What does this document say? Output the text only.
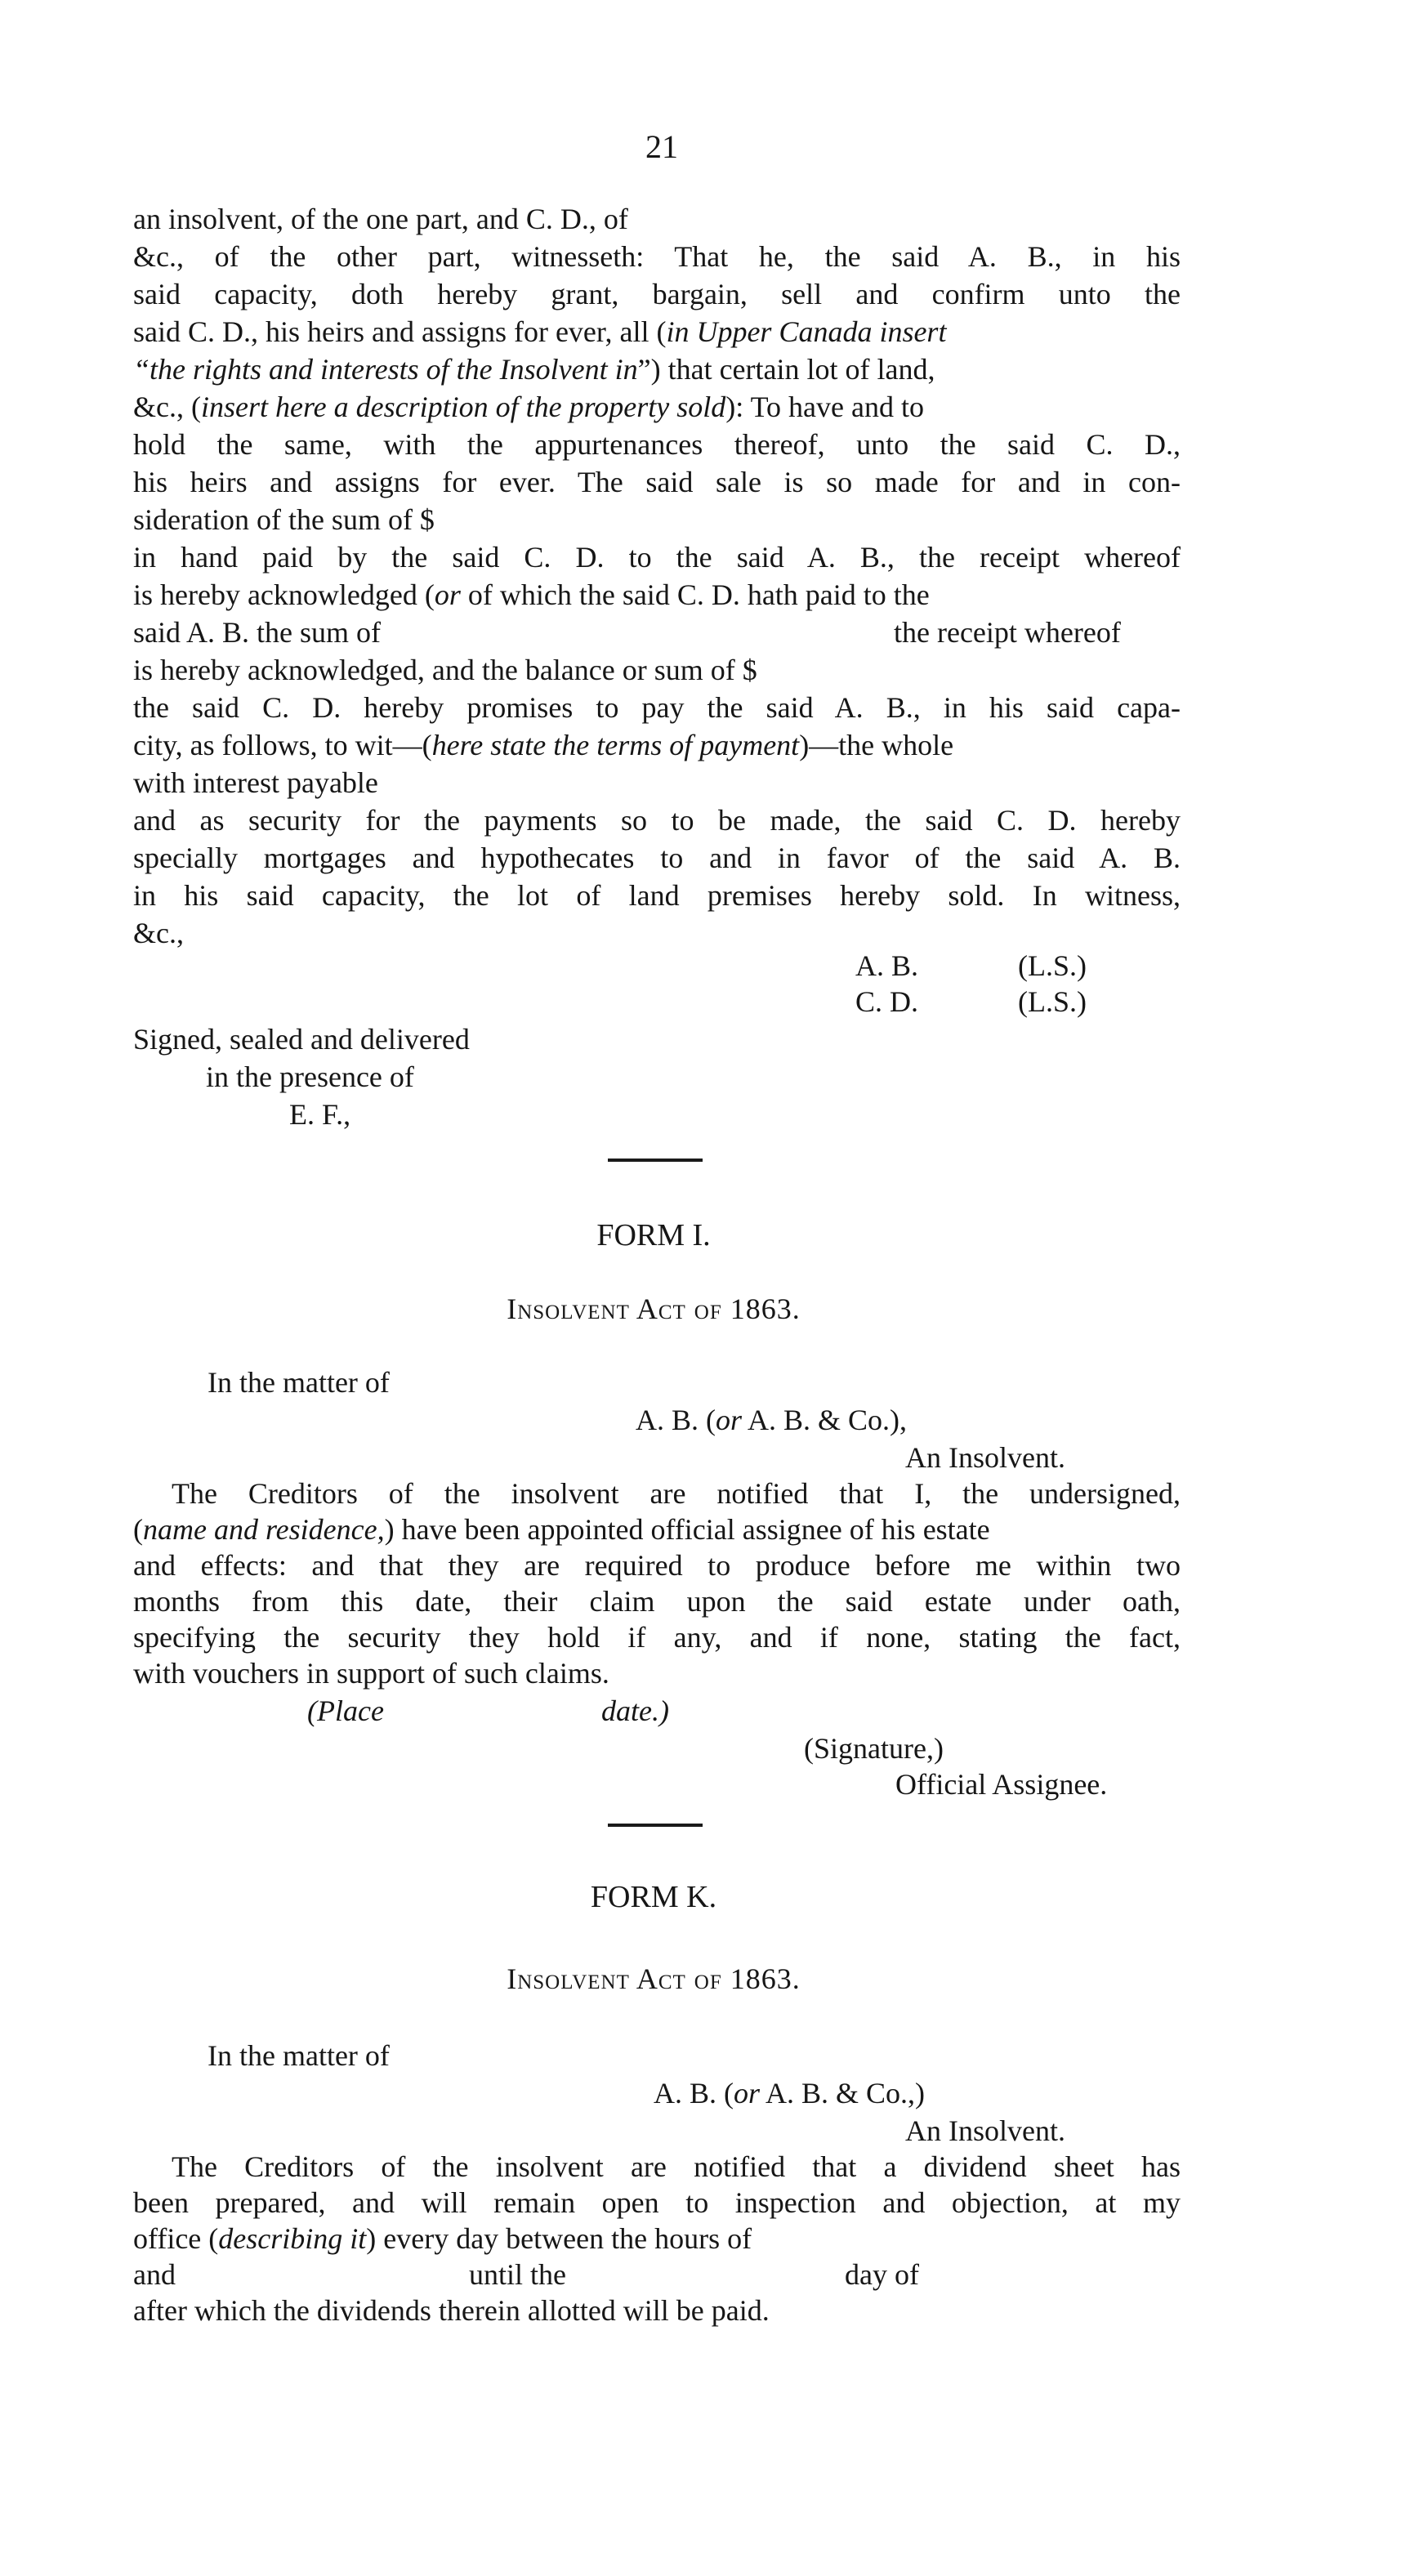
21
an insolvent, of the one part, and C. D., of
&c., of the other part, witnesseth: That he, the said A. B., in his
said capacity, doth hereby grant, bargain, sell and confirm unto the
said C. D., his heirs and assigns for ever, all (in Upper Canada insert
“the rights and interests of the Insolvent in”) that certain lot of land,
&c., (insert here a description of the property sold): To have and to
hold the same, with the appurtenances thereof, unto the said C. D.,
his heirs and assigns for ever. The said sale is so made for and in con-
sideration of the sum of $
in hand paid by the said C. D. to the said A. B., the receipt whereof
is hereby acknowledged (or of which the said C. D. hath paid to the
said A. B. the sum of	the receipt whereof
is hereby acknowledged, and the balance or sum of $
the said C. D. hereby promises to pay the said A. B., in his said capa-
city, as follows, to wit—(here state the terms of payment)—the whole
with interest payable
and as security for the payments so to be made, the said C. D. hereby
specially mortgages and hypothecates to and in favor of the said A. B.
in his said capacity, the lot of land premises hereby sold. In witness,
&c.,
A. B.	(L.S.)
C. D.	(L.S.)
Signed, sealed and delivered
in the presence of
E. F.,
FORM I.
Insolvent Act of 1863.
In the matter of
A. B. (or A. B. & Co.),
An Insolvent.
The Creditors of the insolvent are notified that I, the undersigned,
(name and residence,) have been appointed official assignee of his estate
and effects: and that they are required to produce before me within two
months from this date, their claim upon the said estate under oath,
specifying the security they hold if any, and if none, stating the fact,
with vouchers in support of such claims.
(Place	date.)
(Signature,)
Official Assignee.
FORM K.
Insolvent Act of 1863.
In the matter of
A. B. (or A. B. & Co.,)
An Insolvent.
The Creditors of the insolvent are notified that a dividend sheet has
been prepared, and will remain open to inspection and objection, at my
office (describing it) every day between the hours of
and	until the	day of
after which the dividends therein allotted will be paid.
